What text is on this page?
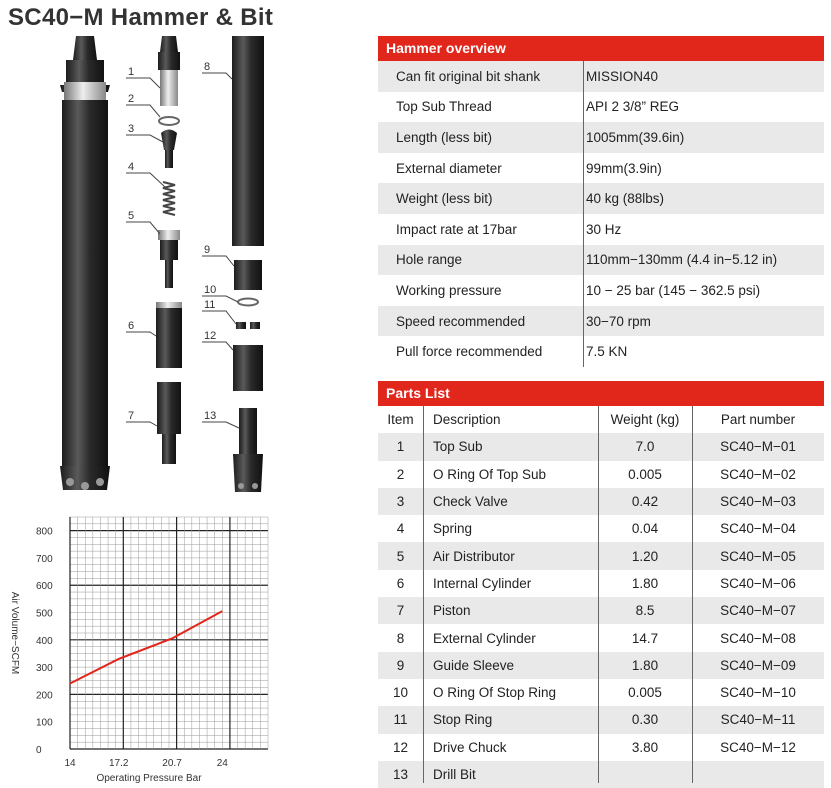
SC40−M Hammer & Bit
1
2
3
4
5
6
7
8
9
10
11
12
13
Hammer overview
Can fit original bit shank	MISSION40
Top Sub Thread	API 2 3/8” REG
Length (less bit)	1005mm(39.6in)
External diameter	99mm(3.9in)
Weight (less bit)	40 kg (88lbs)
Impact rate at 17bar	30 Hz
Hole range	110mm−130mm (4.4 in−5.12 in)
Working pressure	10 − 25 bar (145 − 362.5 psi)
Speed recommended	30−70 rpm
Pull force recommended	7.5 KN
Parts List
Item	Description	Weight (kg)	Part number
1	Top Sub	7.0	SC40−M−01
2	O Ring Of Top Sub	0.005	SC40−M−02
3	Check Valve	0.42	SC40−M−03
4	Spring	0.04	SC40−M−04
5	Air Distributor	1.20	SC40−M−05
6	Internal Cylinder	1.80	SC40−M−06
7	Piston	8.5	SC40−M−07
8	External Cylinder	14.7	SC40−M−08
9	Guide Sleeve	1.80	SC40−M−09
10	O Ring Of Stop Ring	0.005	SC40−M−10
11	Stop Ring	0.30	SC40−M−11
12	Drive Chuck	3.80	SC40−M−12
13	Drill Bit
0
100
200
300
400
500
600
700
800
14	17.2	20.7	24
Operating Pressure Bar
Air Volume−SCFM
